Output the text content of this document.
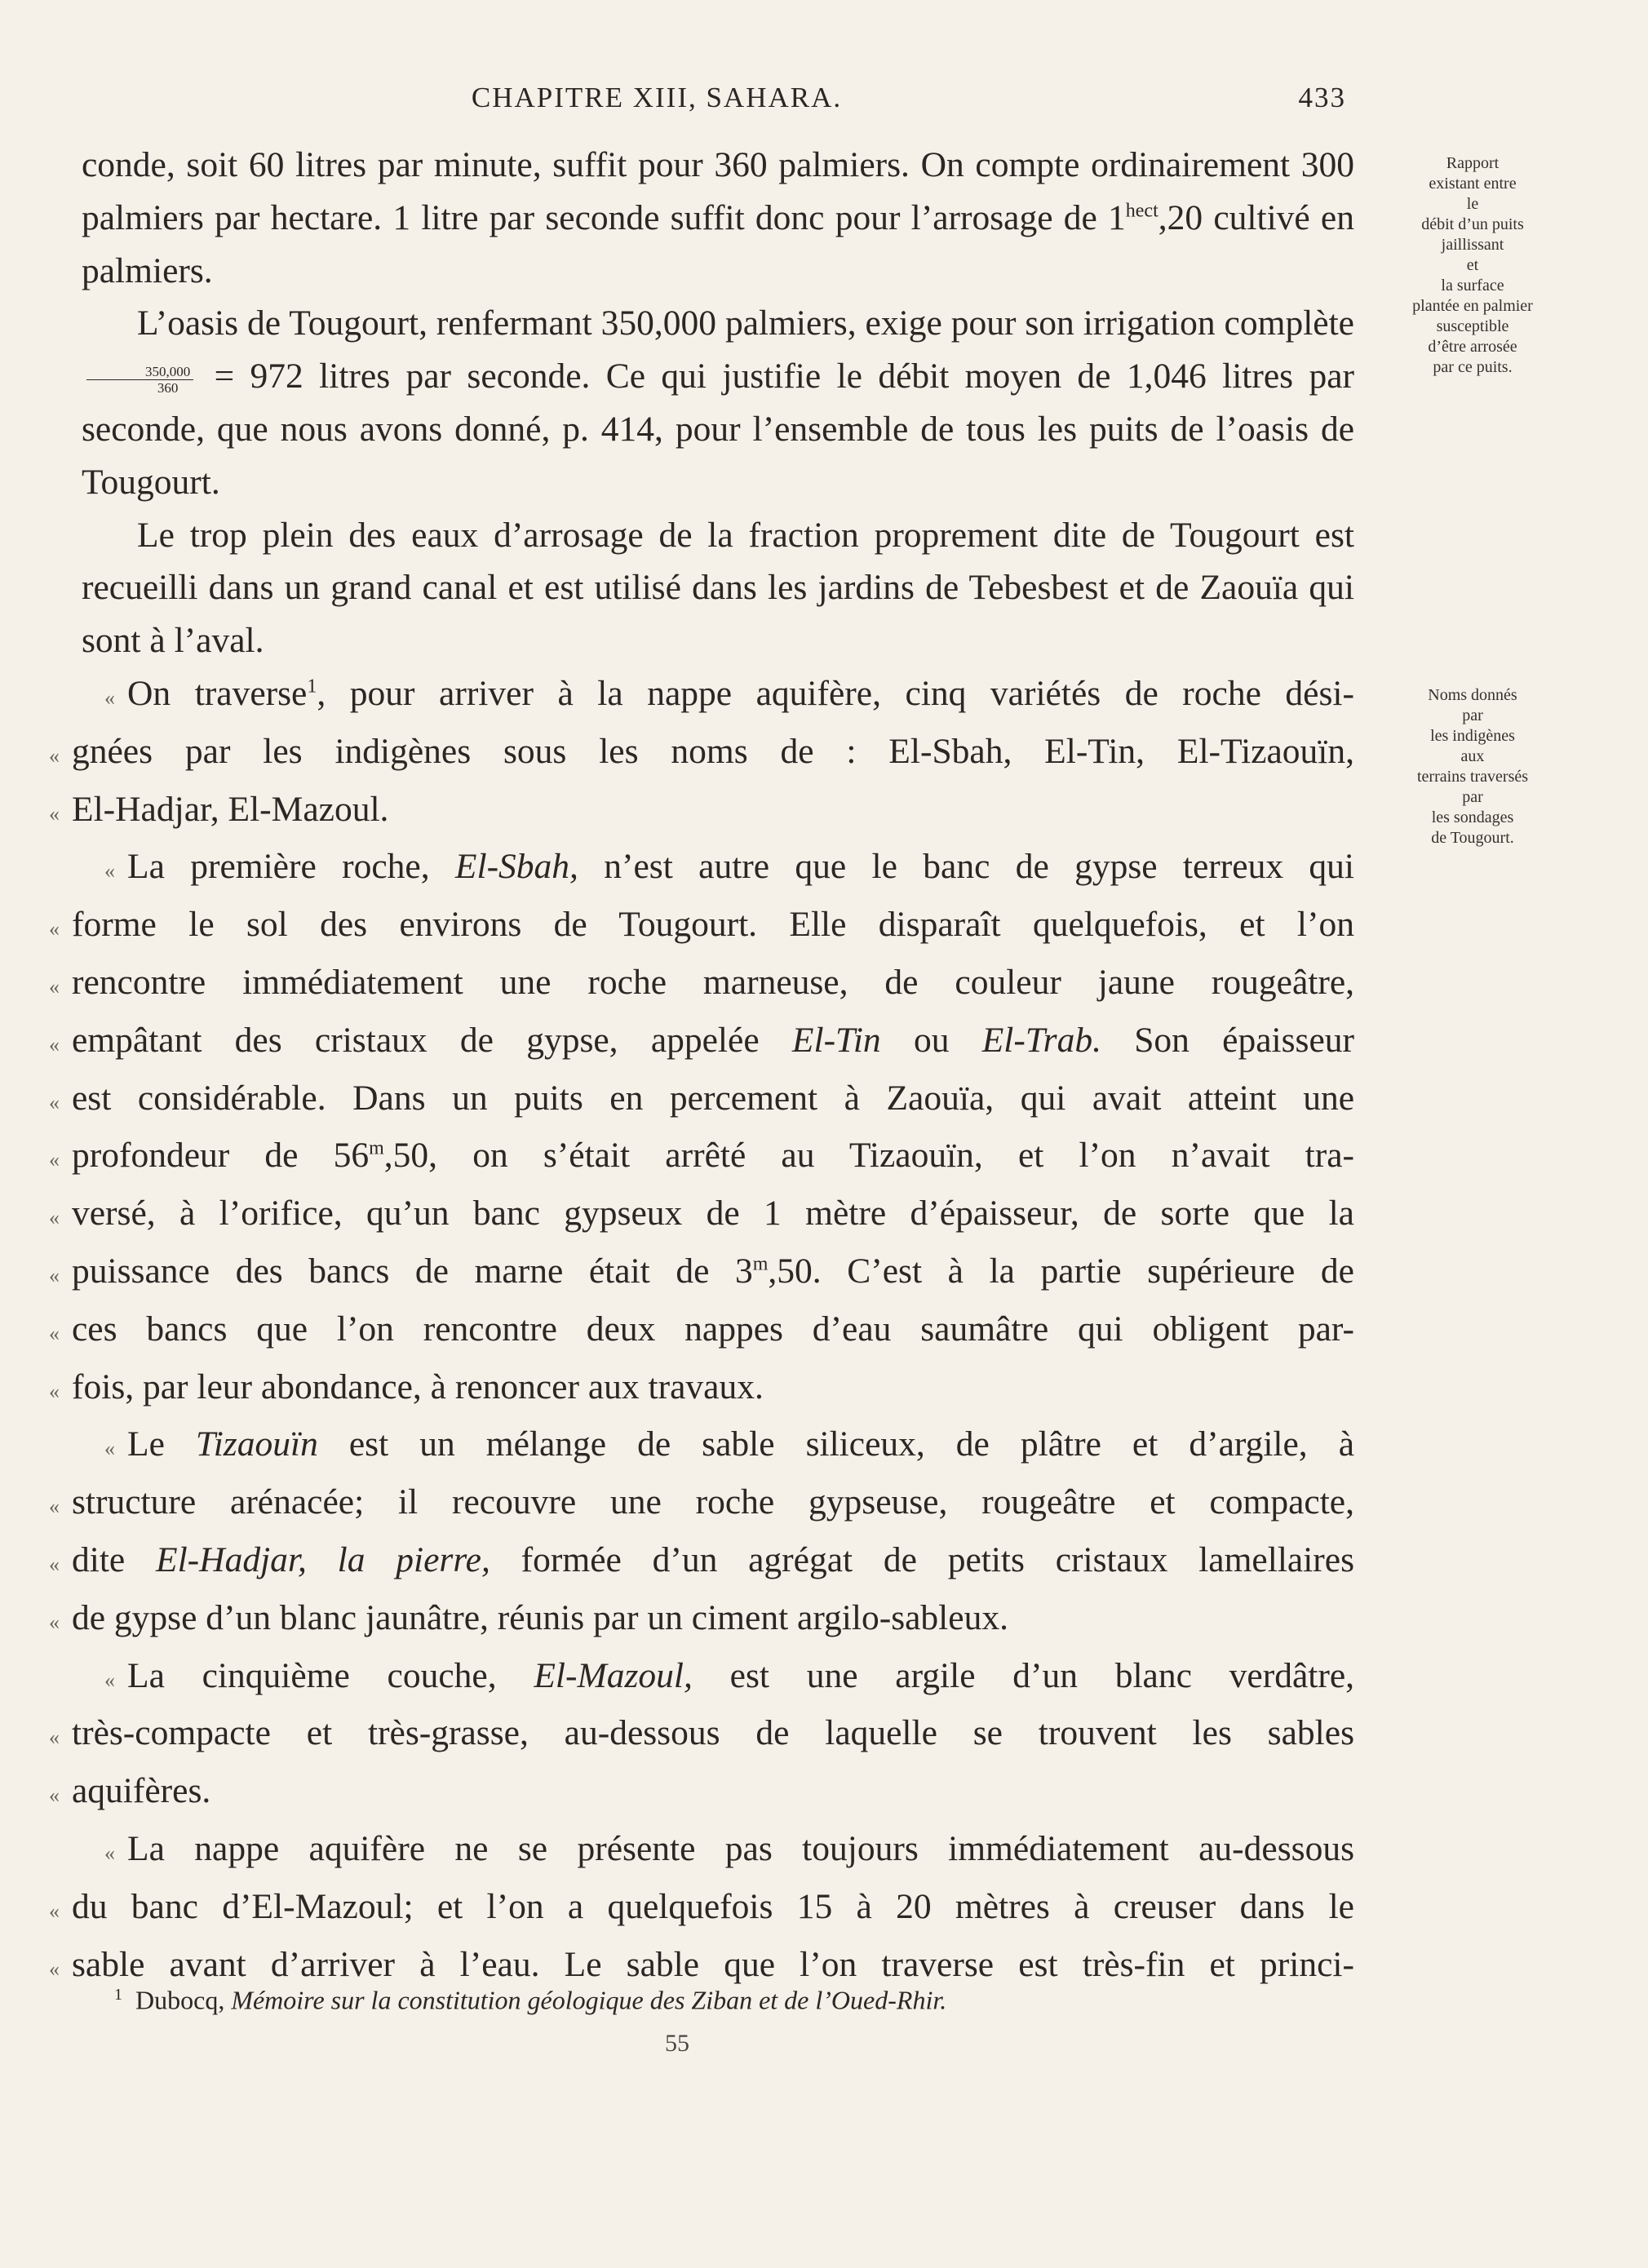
CHAPITRE XIII, SAHARA.	433

conde, soit 60 litres par minute, suffit pour 360 palmiers. On compte ordinairement 300 palmiers par hectare. 1 litre par seconde suffit donc pour l’arrosage de $1^{hect},20$ cultivé en palmiers.

L’oasis de Tougourt, renfermant 350,000 palmiers, exige pour son irrigation complète
$\frac{350,000}{360} = 972$ litres par seconde. Ce qui justifie le débit moyen de 1,046 litres par seconde, que nous avons donné, p. 414, pour l’ensemble de tous les puits de l’oasis de Tougourt.

Le trop plein des eaux d’arrosage de la fraction proprement dite de Tougourt est recueilli dans un grand canal et est utilisé dans les jardins de Tebesbest et de Zaouïa qui sont à l’aval.

« On traverse$^1$, pour arriver à la nappe aquifère, cinq variétés de roche dési-
« gnées par les indigènes sous les noms de : El-Sbah, El-Tin, El-Tizaouïn,
« El-Hadjar, El-Mazoul.
« La première roche, El-Sbah, n’est autre que le banc de gypse terreux qui
« forme le sol des environs de Tougourt. Elle disparaît quelquefois, et l’on
« rencontre immédiatement une roche marneuse, de couleur jaune rougeâtre,
« empâtant des cristaux de gypse, appelée El-Tin ou El-Trab. Son épaisseur
« est considérable. Dans un puits en percement à Zaouïa, qui avait atteint une
« profondeur de 56$^m$,50, on s’était arrêté au Tizaouïn, et l’on n’avait tra-
« versé, à l’orifice, qu’un banc gypseux de 1 mètre d’épaisseur, de sorte que la
« puissance des bancs de marne était de 3$^m$,50. C’est à la partie supérieure de
« ces bancs que l’on rencontre deux nappes d’eau saumâtre qui obligent par-
« fois, par leur abondance, à renoncer aux travaux.
« Le Tizaouïn est un mélange de sable siliceux, de plâtre et d’argile, à
« structure arénacée; il recouvre une roche gypseuse, rougeâtre et compacte,
« dite El-Hadjar, la pierre, formée d’un agrégat de petits cristaux lamellaires
« de gypse d’un blanc jaunâtre, réunis par un ciment argilo-sableux.
« La cinquième couche, El-Mazoul, est une argile d’un blanc verdâtre,
« très-compacte et très-grasse, au-dessous de laquelle se trouvent les sables
« aquifères.
« La nappe aquifère ne se présente pas toujours immédiatement au-dessous
« du banc d’El-Mazoul; et l’on a quelquefois 15 à 20 mètres à creuser dans le
« sable avant d’arriver à l’eau. Le sable que l’on traverse est très-fin et princi-
Rapport
existant entre
le
débit d’un puits
jaillissant
et
la surface
plantée en palmier
susceptible
d’être arrosée
par ce puits.
Noms donnés
par
les indigènes
aux
terrains traversés
par
les sondages
de Tougourt.
$^1$ Dubocq, Mémoire sur la constitution géologique des Ziban et de l’Oued-Rhir.
55
